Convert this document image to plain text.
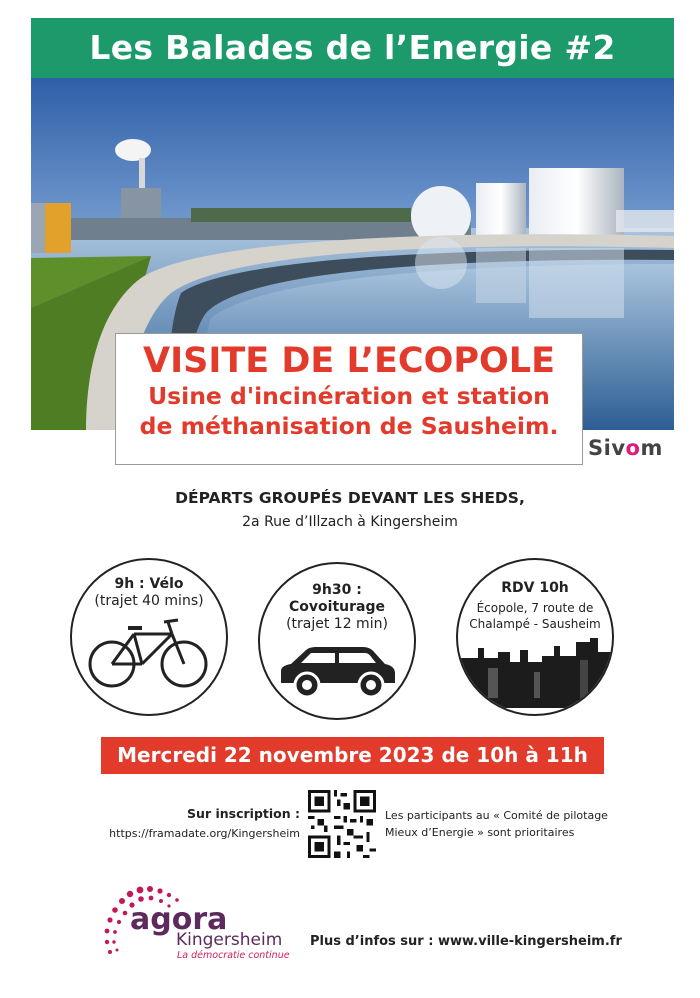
Les Balades de l’Energie #2
VISITE DE L’ECOPOLE
Usine d'incinération et station
de méthanisation de Sausheim.
Sivom
DÉPARTS GROUPÉS DEVANT LES SHEDS,
2a Rue d’Illzach à Kingersheim
9h : Vélo
(trajet 40 mins)
9h30 :
Covoiturage
(trajet 12 min)
RDV 10h
Écopole, 7 route de
Chalampé - Sausheim
Mercredi 22 novembre 2023 de 10h à 11h
Sur inscription :
https://framadate.org/Kingersheim
Les participants au « Comité de pilotage
Mieux d’Energie » sont prioritaires
agora
Kingersheim
La démocratie continue
Plus d’infos sur : www.ville-kingersheim.fr
